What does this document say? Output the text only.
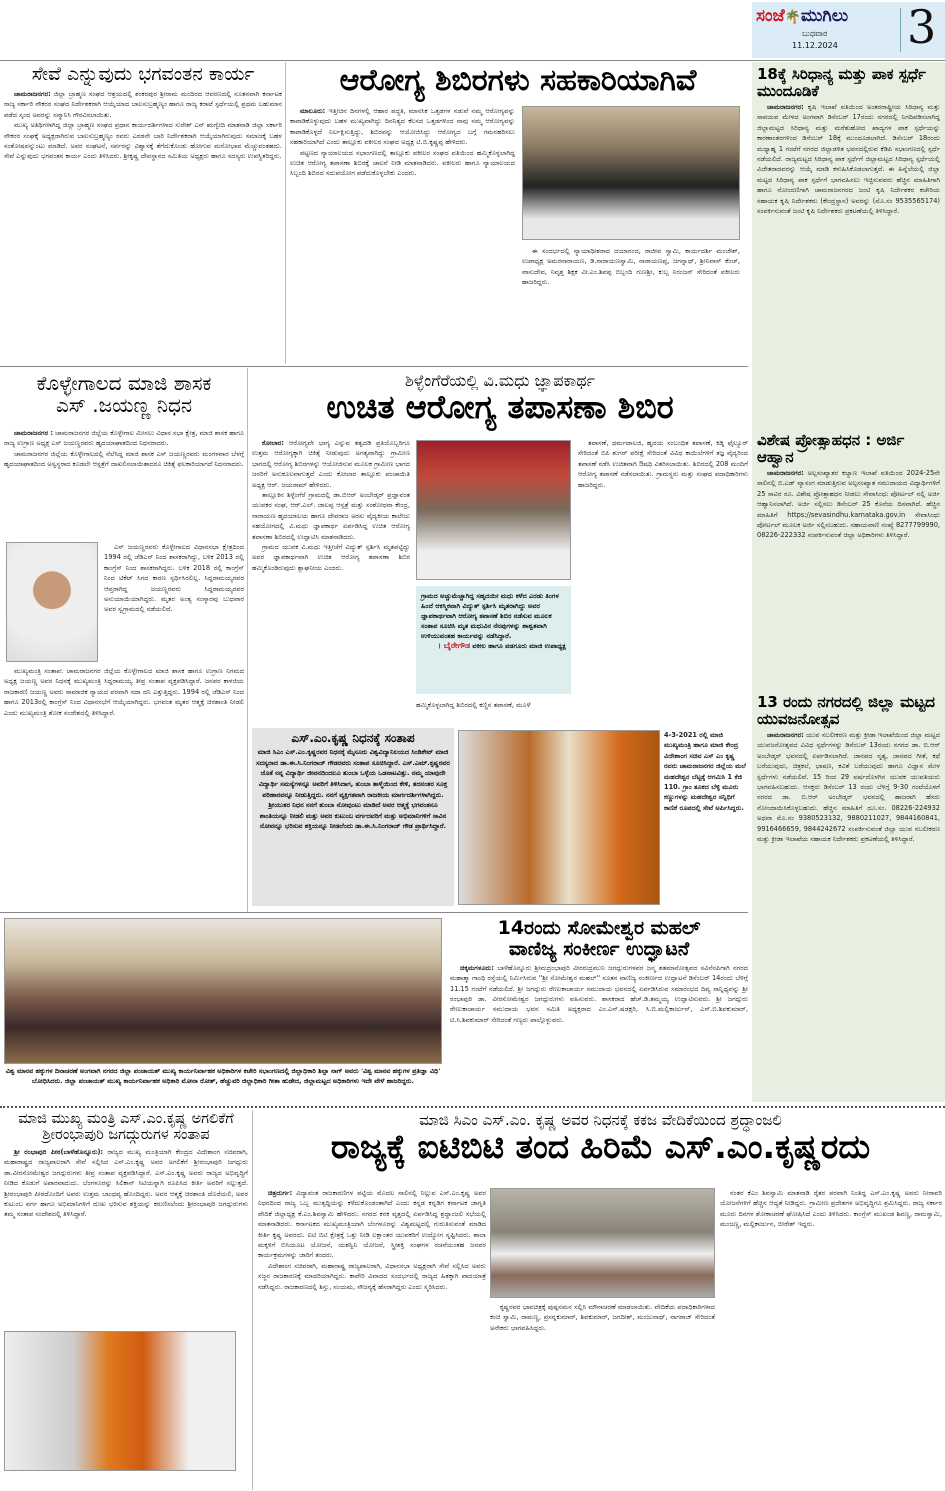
ಸಂಜೆ🌴ಮುಗಿಲು
ಬುಧವಾರ
11.12.2024 3
ಸೇವೆ ಎನ್ನುವುದು ಭಗವಂತನ ಕಾರ್ಯ

ಚಾಮರಾಜನಗರ: ಜಿಲ್ಲಾ ಬ್ರಾಹ್ಮಣ ಸಂಘದ ಆಶ್ರಯದಲ್ಲಿ ಶಂಕರಪುರ ಶ್ರೀರಾಮ ಮಂದಿರದ ಆವರಣದಲ್ಲಿ ನೂತನವಾಗಿ ಕರ್ನಾಟಕ ರಾಜ್ಯ ಸರ್ಕಾರಿ ನೌಕರರ ಸಂಘದ ನಿರ್ದೇಶಕರಾಗಿ ಆಯ್ಕೆಯಾದ ಬಾಲಸುಬ್ರಹ್ಮಣ್ಯಂ ಹಾಗೂ ರಾಜ್ಯ ಕರಾಟೆ ಸ್ಪರ್ಧೆಯಲ್ಲಿ ಪ್ರಥಮ ಬಹುಮಾನ ಪಡೆದ ಸ್ಕಂದ ಅವರನ್ನು ಸನ್ಮಾನಿಸಿ ಗೌರವಿಸಲಾಯಿತು.

ಮುಖ್ಯ ಅತಿಥಿಗಳಾಗಿದ್ದ ಜಿಲ್ಲಾ ಬ್ರಾಹ್ಮಣ ಸಂಘದ ಪ್ರಧಾನ ಕಾರ್ಯದರ್ಶಿಗಳಾದ ಸುರೇಶ್ ಎನ್ ಋಗ್ವೇದಿ ಮಾತನಾಡಿ ಜಿಲ್ಲಾ ಸರ್ಕಾರಿ ನೌಕರರ ಸಂಘಕ್ಕೆ ಅಧ್ಯಕ್ಷರಾಗಿರುವ ಬಾಲಸುಬ್ರಹ್ಮಣ್ಯಂ ರವರು ಎರಡನೇ ಬಾರಿ ನಿರ್ದೇಶಕರಾಗಿ ಆಯ್ಕೆಯಾಗಿರುವುದು ಸಮಾಜಕ್ಕೆ ಬಹಳ ಸಂತೋಷವನ್ನುಂಟು ಮಾಡಿದೆ. ಅವರ ಸಂಘಟನೆ, ಸರ್ವರನ್ನು ವಿಶ್ವಾಸಕ್ಕೆ ತೆಗೆದುಕೊಂಡು ಹೋಗುವ ಮನೋಭಾವ ಮೆಚ್ಚುವಂತಹದು. ಸೇವೆ ಎನ್ನುವುದು ಭಗವಂತನ ಕಾರ್ಯ ಎಂದು ತಿಳಿಸಿದರು. ಶ್ರೀಕೃಷ್ಣ ದೇವಸ್ಥಾನದ ಸಮಿತಿಯ ಅಧ್ಯಕ್ಷರು ಹಾಗೂ ಸದಸ್ಯರು ಉಪಸ್ಥಿತರಿದ್ದರು.

ಆರೋಗ್ಯ ಶಿಬಿರಗಳು ಸಹಕಾರಿಯಾಗಿವೆ

ಮಾಲೂರು: ಇತ್ತೀಚಿನ ದಿನಗಳಲ್ಲಿ ಆಹಾರ ಪದ್ಧತಿ, ಮಾನಸಿಕ ಒತ್ತಡಗಳ ನಡುವೆ ನಮ್ಮ ಆರೋಗ್ಯವನ್ನು ಕಾಪಾಡಿಕೊಳ್ಳುವುದು ಬಹಳ ಮುಖ್ಯವಾಗಿದ್ದು ದಿನನಿತ್ಯದ ಕೆಲಸದ ಒತ್ತಡಗಳಿಂದ ನಾವು ನಮ್ಮ ಆರೋಗ್ಯವನ್ನು ಕಾಪಾಡಿಕೊಳ್ಳದೆ ನಿರ್ಲಕ್ಷಿಸುತ್ತಿದ್ದು, ಶಿಬಿರವನ್ನು ಆಯೋಜಿಸಿದ್ದು ಆರೋಗ್ಯದ ಬಗ್ಗೆ ಗಮನಹರಿಸಲು ಸಹಕಾರಿಯಾಗಿದೆ ಎಂದು ತಾಲ್ಲೂಕು ವಕೀಲರ ಸಂಘದ ಅಧ್ಯಕ್ಷ ಟಿ.ಬಿ.ಕೃಷ್ಣಪ್ಪ ಹೇಳಿದರು.

ಪಟ್ಟಣದ ನ್ಯಾಯಾಲಯದ ಸಭಾಂಗಣದಲ್ಲಿ ತಾಲ್ಲೂಕು ವಕೀಲರ ಸಂಘದ ವತಿಯಿಂದ ಹಮ್ಮಿಕೊಳ್ಳಲಾಗಿದ್ದ ಉಚಿತ ಆರೋಗ್ಯ ತಪಾಸಣಾ ಶಿಬಿರಕ್ಕೆ ಚಾಲನೆ ನೀಡಿ ಮಾತನಾಡಿದರು. ವಕೀಲರು ಹಾಗೂ ನ್ಯಾಯಾಲಯದ ಸಿಬ್ಬಂದಿ ಶಿಬಿರದ ಸದುಪಯೋಗ ಪಡೆದುಕೊಳ್ಳಬೇಕು ಎಂದರು.

ಈ ಸಂದರ್ಭದಲ್ಲಿ ನ್ಯಾಯಾಧೀಶರಾದ ದಯಾನಂದ, ರಾಜೀವ ಸ್ವಾಮಿ, ಕಾರ್ಯದರ್ಶಿ ಮಂಜೇಶ್, ಉಪಾಧ್ಯಕ್ಷ ಅಮರನಾರಾಯಣ, ಡಿ.ನಾರಾಯಣಸ್ವಾಮಿ, ನಾರಾಯಣಪ್ಪ, ಜಗನ್ನಾಥ್, ಶ್ರೀನಿವಾಸ್ ಕೆಂಚ್, ವಾಸುದೇವ, ನಿವೃತ್ತ ಶಿಕ್ಷಕ ವೀ.ಎಂ.ಶಿವಪ್ಪ ಬಿಬ್ಬಂದಿ ಗುಣಶ್ರೀ, ಕುಬ್ಬ ನಿರಂಜನ್ ಸೇರಿದಂತೆ ವಕೀಲರು ಹಾಜರಿದ್ದರು.

18ಕ್ಕೆ ಸಿರಿಧಾನ್ಯ ಮತ್ತು ಪಾಕ ಸ್ಪರ್ಧೆ ಮುಂದೂಡಿಕೆ

ಚಾಮರಾಜನಗರ: ಕೃಷಿ ಇಲಾಖೆ ವತಿಯಿಂದ ಅಂತರರಾಷ್ಟ್ರೀಯ ಸಿರಿಧಾನ್ಯ ಮತ್ತು ಸಾವಯವ ಮೇಳದ ಅಂಗವಾಗಿ ಡಿಸೆಂಬರ್ 17ರಂದು ನಗರದಲ್ಲಿ ನಿಗದಿಪಡಿಸಲಾಗಿದ್ದ ಜಿಲ್ಲಾಮಟ್ಟದ ಸಿರಿಧಾನ್ಯ ಮತ್ತು ಮರೆತುಹೋದ ಖಾದ್ಯಗಳ ಪಾಕ ಸ್ಪರ್ಧೆಯನ್ನು ಕಾರಣಾಂತರಗಳಿಂದ ಡಿಸೆಂಬರ್ 18ಕ್ಕೆ ಮುಂದೂಡಲಾಗಿದೆ. ಡಿಸೆಂಬರ್ 18ರಂದು ಮಧ್ಯಾಹ್ನ 1 ಗಂಟೆಗೆ ನಗರದ ಜಿಲ್ಲಾಡಳಿತ ಭವನದಲ್ಲಿರುವ ಕೆಡಿಪಿ ಸಭಾಂಗಣದಲ್ಲಿ ಸ್ಪರ್ಧೆ ನಡೆಯಲಿದೆ. ರಾಜ್ಯಮಟ್ಟದ ಸಿರಿಧಾನ್ಯ ಪಾಕ ಸ್ಪರ್ಧೆಗೆ ಜಿಲ್ಲಾಮಟ್ಟದ ಸಿರಿಧಾನ್ಯ ಸ್ಪರ್ಧೆಯಲ್ಲಿ ವಿಜೇತರಾದವರನ್ನು ಆಯ್ಕೆ ಮಾಡಿ ಕಳುಹಿಸಿಕೊಡಲಾಗುತ್ತದೆ. ಈ ಹಿನ್ನೆಲೆಯಲ್ಲಿ ಜಿಲ್ಲಾ ಮಟ್ಟದ ಸಿರಿಧಾನ್ಯ ಪಾಕ ಸ್ಪರ್ಧೆಗೆ ಭಾಗವಹಿಸಲು ಇಚ್ಛಿಸುವವರು ಹೆಚ್ಚಿನ ಮಾಹಿತಿಗಾಗಿ ಹಾಗೂ ನೋಂದಣಿಗಾಗಿ ಚಾಮರಾಜನಗರದ ಜಂಟಿ ಕೃಷಿ ನಿರ್ದೇಶಕರ ಕಚೇರಿಯ ಸಹಾಯಕ ಕೃಷಿ ನಿರ್ದೇಶಕರು (ಕೇಂದ್ರಸ್ಥಾನ) ಅವರನ್ನು (ಮೊ.ಸಂ 9535565174) ಸಂಪರ್ಕಿಸುವಂತೆ ಜಂಟಿ ಕೃಷಿ ನಿರ್ದೇಶಕರು ಪ್ರಕಟಣೆಯಲ್ಲಿ ತಿಳಿಸಿದ್ದಾರೆ.

ವಿಶೇಷ ಪ್ರೋತ್ಸಾಹಧನ : ಅರ್ಜಿ ಆಹ್ವಾನ

ಚಾಮರಾಜನಗರ: ಅಲ್ಪಸಂಖ್ಯಾತರ ಕಲ್ಯಾಣ ಇಲಾಖೆ ವತಿಯಿಂದ 2024-25ನೇ ಸಾಲಿನಲ್ಲಿ ಬಿ.ಎಡ್ ವ್ಯಾಸಂಗ ಮಾಡುತ್ತಿರುವ ಅಲ್ಪಸಂಖ್ಯಾತ ಸಮುದಾಯದ ವಿದ್ಯಾರ್ಥಿಗಳಿಗೆ 25 ಸಾವಿರ ರೂ. ವಿಶೇಷ ಪ್ರೋತ್ಸಾಹಧನ ನೀಡಲು ಸೇವಾಸಿಂಧು ಪೋರ್ಟಲ್ ನಲ್ಲಿ ಅರ್ಜಿ ಆಹ್ವಾನಿಸಲಾಗಿದೆ. ಅರ್ಜಿ ಸಲ್ಲಿಸಲು ಡಿಸೆಂಬರ್ 25 ಕೊನೆಯ ದಿನವಾಗಿದೆ. ಹೆಚ್ಚಿನ ಮಾಹಿತಿಗೆ https://sevasindhu.karnataka.gov.in ಸೇವಾಸಿಂಧು ಪೋರ್ಟಲ್ ಮೂಲಕ ಅರ್ಜಿ ಸಲ್ಲಿಸಬಹುದು. ಸಹಾಯವಾಣಿ ಸಂಖ್ಯೆ 8277799990, 08226-222332 ಸಂಪರ್ಕಿಸುವಂತೆ ಜಿಲ್ಲಾ ಅಧಿಕಾರಿಗಳು ತಿಳಿಸಿದ್ದಾರೆ.

13 ರಂದು ನಗರದಲ್ಲಿ ಜಿಲ್ಲಾ ಮಟ್ಟದ ಯುವಜನೋತ್ಸವ

ಚಾಮರಾಜನಗರ: ಯುವ ಸಬಲೀಕರಣ ಮತ್ತು ಕ್ರೀಡಾ ಇಲಾಖೆಯಿಂದ ಜಿಲ್ಲಾ ಮಟ್ಟದ ಯುವಜನೋತ್ಸವದ ವಿವಿಧ ಸ್ಪರ್ಧೆಗಳನ್ನು ಡಿಸೆಂಬರ್ 13ರಂದು ನಗರದ ಡಾ. ಬಿ.ಆರ್ ಅಂಬೇಡ್ಕರ್ ಭವನದಲ್ಲಿ ಏರ್ಪಡಿಸಲಾಗಿದೆ. ಜಾನಪದ ನೃತ್ಯ, ಜಾನಪದ ಗೀತೆ, ಕಥೆ ಬರೆಯುವುದು, ಚಿತ್ರಕಲೆ, ಭಾಷಣ, ಕವಿತೆ ಬರೆಯುವುದು ಹಾಗೂ ವಿಜ್ಞಾನ ಮೇಳ ಸ್ಪರ್ಧೆಗಳು ನಡೆಯಲಿವೆ. 15 ರಿಂದ 29 ವರ್ಷದೊಳಗಿನ ಯುವಕ ಯುವತಿಯರು ಭಾಗವಹಿಸಬಹುದು. ಆಸಕ್ತರು ಡಿಸೆಂಬರ್ 13 ರಂದು ಬೆಳಿಗ್ಗೆ 9-30 ಗಂಟೆಯೊಳಗೆ ನಗರದ ಡಾ. ಬಿ.ಆರ್ ಅಂಬೇಡ್ಕರ್ ಭವನದಲ್ಲಿ ಹಾಜರಾಗಿ ಹೆಸರು ನೋಂದಾಯಿಸಿಕೊಳ್ಳಬಹುದು. ಹೆಚ್ಚಿನ ಮಾಹಿತಿಗೆ ದೂ.ಸಂ. 08226-224932 ಅಥವಾ ಮೊ.ಸಂ 9380523132, 9880211027, 9844160841, 9916466659, 9844242672 ಸಂಪರ್ಕಿಸುವಂತೆ ಜಿಲ್ಲಾ ಯುವ ಸಬಲೀಕರಣ ಮತ್ತು ಕ್ರೀಡಾ ಇಲಾಖೆಯ ಸಹಾಯಕ ನಿರ್ದೇಶಕರು ಪ್ರಕಟಣೆಯಲ್ಲಿ ತಿಳಿಸಿದ್ದಾರೆ.

ಕೊಳ್ಳೇಗಾಲದ ಮಾಜಿ ಶಾಸಕ ಎಸ್ .ಜಯಣ್ಣ ನಿಧನ

ಚಾಮರಾಜನಗರ : ಚಾಮರಾಜನಗರ ಜಿಲ್ಲೆಯ ಕೊಳ್ಳೇಗಾಲ ಮೀಸಲು ವಿಧಾನ ಸಭಾ ಕ್ಷೇತ್ರ, ಮಾಜಿ ಶಾಸಕ ಹಾಗೂ ರಾಜ್ಯ ಉಗ್ರಾಣ ಅಧ್ಯಕ್ಷ ಎಸ್ ಜಯಣ್ಣರವರು ಹೃದಯಾಘಾತದಿಂದ ನಿಧನರಾದರು.

ಚಾಮರಾಜನಗರ ಜಿಲ್ಲೆಯ ಕೊಳ್ಳೇಗಾಲದಲ್ಲಿ ನೆಲೆಸಿದ್ದ ಮಾಜಿ ಶಾಸಕ ಎಸ್ ಜಯಣ್ಣರವರು ಮಂಗಳವಾರ ಬೆಳಗ್ಗೆ ಹೃದಯಾಘಾತದಿಂದ ಅಸ್ವಸ್ಥರಾದ ಕೂಡಲೇ ಆಸ್ಪತ್ರೆಗೆ ದಾಖಲಿಸಲಾಯಿತಾದರೂ ಚಿಕಿತ್ಸೆ ಫಲಕಾರಿಯಾಗದೆ ನಿಧನರಾದರು.

ಎಸ್ ಜಯಣ್ಣರವರು ಕೊಳ್ಳೇಗಾಲದ ವಿಧಾನಸಭಾ ಕ್ಷೇತ್ರದಿಂದ 1994 ರಲ್ಲಿ ಜೆಡಿಎಸ್ ನಿಂದ ಶಾಸಕರಾಗಿದ್ದು, ಬಳಿಕ 2013 ರಲ್ಲಿ ಕಾಂಗ್ರೆಸ್ ನಿಂದ ಶಾಸಕರಾಗಿದ್ದರು. ಬಳಿಕ 2018 ರಲ್ಲಿ ಕಾಂಗ್ರೆಸ್ ನಿಂದ ಟಿಕೆಟ್ ಸಿಗದ ಕಾರಣ ಸ್ಪರ್ಧಿಸಿರಲಿಲ್ಲ. ಸಿದ್ದರಾಮಯ್ಯರವರ ಆಪ್ತರಾಗಿದ್ದ ಜಯಣ್ಣರವರು ಸಿದ್ದರಾಮಯ್ಯರವರ ಅನುಯಾಯಿಯಾಗಿದ್ದರು. ಮೃತರ ಅಂತ್ಯ ಸಂಸ್ಕಾರವು ಬುಧವಾರ ಅವರ ಸ್ವಗ್ರಾಮದಲ್ಲಿ ನಡೆಯಲಿದೆ.

ಮುಖ್ಯಮಂತ್ರಿ ಸಂತಾಪ: ಚಾಮರಾಜನಗರ ಜಿಲ್ಲೆಯ ಕೊಳ್ಳೇಗಾಲದ ಮಾಜಿ ಶಾಸಕ ಹಾಗೂ ಉಗ್ರಾಣ ನಿಗಮದ ಅಧ್ಯಕ್ಷ ಜಯಣ್ಣ ಅವರ ನಿಧನಕ್ಕೆ ಮುಖ್ಯಮಂತ್ರಿ ಸಿದ್ದರಾಮಯ್ಯ ತೀವ್ರ ಸಂತಾಪ ವ್ಯಕ್ತಪಡಿಸಿದ್ದಾರೆ. ಜನಪರ ಕಾಳಜಿಯ ರಾಜಕಾರಣಿ ಜಯಣ್ಣ ಅವರು ಸಾಮಾಜಿಕ ನ್ಯಾಯದ ಪರವಾಗಿ ಸದಾ ದನಿ ಎತ್ತುತ್ತಿದ್ದರು. 1994 ರಲ್ಲಿ ಜೆಡಿಎಸ್ ನಿಂದ ಹಾಗೂ 2013ರಲ್ಲಿ ಕಾಂಗ್ರೆಸ್ ನಿಂದ ವಿಧಾನಸಭೆಗೆ ಆಯ್ಕೆಯಾಗಿದ್ದರು. ಭಗವಂತ ಮೃತರ ಆತ್ಮಕ್ಕೆ ಚಿರಶಾಂತಿ ನೀಡಲಿ ಎಂದು ಮುಖ್ಯಮಂತ್ರಿ ಶೋಕ ಸಂದೇಶದಲ್ಲಿ ತಿಳಿಸಿದ್ದಾರೆ.

ಶಿಳ್ಳೆಂಗೆರೆಯಲ್ಲಿ ವಿ.ಮಧು ಜ್ಞಾಪಕಾರ್ಥ
ಉಚಿತ ಆರೋಗ್ಯ ತಪಾಸಣಾ ಶಿಬಿರ

ಕೋಲಾರ: ಆರೋಗ್ಯವೇ ಭಾಗ್ಯ ಎನ್ನುವ ತತ್ವದಡಿ ಪ್ರತಿಯೊಬ್ಬರಿಗೂ ಉತ್ತಮ ಆರೋಗ್ಯಕ್ಕಾಗಿ ಚಿಕಿತ್ಸೆ ನೀಡುವುದು ಅಗತ್ಯವಾಗಿದ್ದು ಗ್ರಾಮೀಣ ಭಾಗದಲ್ಲಿ ಆರೋಗ್ಯ ಶಿಬಿರಗಳನ್ನು ಆಯೋಜಿಸುವ ಮೂಲಕ ಗ್ರಾಮೀಣ ಭಾಗದ ಜನರಿಗೆ ಅನುಕೂಲವಾಗುತ್ತದೆ ಎಂದು ಕೋಲಾರ ತಾಲ್ಲೂಕು ಪಂಚಾಯಿತಿ ಅಧ್ಯಕ್ಷ ಆರ್. ಜಯರಾಮ್ ಹೇಳಿದರು.

ತಾಲ್ಲೂಕಿನ ಶಿಳ್ಳೆಂಗೆರೆ ಗ್ರಾಮದಲ್ಲಿ ಡಾ.ಬಿಆರ್ ಅಂಬೇಡ್ಕರ್ ಪ್ರಜ್ಞಾವಂತ ಯುವಕರ ಸಂಘ, ಆರ್.ಎಲ್. ಜಾಲಪ್ಪ ಆಸ್ಪತ್ರೆ ಮತ್ತು ಸಂಶೋಧನಾ ಕೇಂದ್ರ, ನಾರಾಯಣ ಹೃದಯಾಲಯ ಹಾಗೂ ದೇವರಾಜ ಅರಸು ವೈದ್ಯಕೀಯ ಕಾಲೇಜು ಸಹಯೋಗದಲ್ಲಿ ವಿ.ಮಧು ಜ್ಞಾಪಕಾರ್ಥ ಏರ್ಪಡಿಸಿದ್ದ ಉಚಿತ ಆರೋಗ್ಯ ತಪಾಸಣಾ ಶಿಬಿರದಲ್ಲಿ ಉದ್ಘಾಟಿಸಿ ಮಾತನಾಡಿದರು.

ಗ್ರಾಮದ ಯುವಕ ವಿ.ಮಧು ಇತ್ತೀಚೆಗೆ ವಿದ್ಯುತ್ ಸ್ಪರ್ಶಿಸಿ ಮೃತಪಟ್ಟಿದ್ದು ಅವರ ಜ್ಞಾಪಕಾರ್ಥವಾಗಿ ಉಚಿತ ಆರೋಗ್ಯ ತಪಾಸಣಾ ಶಿಬಿರ ಹಮ್ಮಿಕೊಂಡಿರುವುದು ಶ್ಲಾಘನೀಯ ಎಂದರು.

ಗ್ರಾಮದ ಅಚ್ಚುಮೆಚ್ಚಾಗಿದ್ದ ಸಹೃದಯೀ ಮಧು ಕಳೆದ ಎರಡು ತಿಂಗಳ ಹಿಂದೆ ಆಕಸ್ಮಿಕವಾಗಿ ವಿದ್ಯುತ್ ಸ್ಪರ್ಶಿಸಿ ಮೃತರಾಗಿದ್ದು ಅವರ ಜ್ಞಾಪಕಾರ್ಥವಾಗಿ ಆರೋಗ್ಯ ತಪಾಸಣೆ ಶಿಬಿರ ನಡೆಸುವ ಮೂಲಕ ಸಂತಾಪ ಸೂಚಿಸಿ ಮೃತ ಮಧುವಿನ ನೆನಪುಗಳನ್ನು ಶಾಶ್ವತವಾಗಿ ಉಳಿಯುವಂತಹ ಕಾರ್ಯವನ್ನು ನಡೆಸಿದ್ದಾರೆ.
। ಬೈರೇಗೌಡ ವಕೀಲ ಹಾಗೂ ವಡಗೂರು ಮಾಜಿ ಉಪಾಧ್ಯಕ್ಷ
ಹಮ್ಮಿಕೊಳ್ಳಲಾಗಿದ್ದ ಶಿಬಿರದಲ್ಲಿ ಕಣ್ಣಿನ ತಪಾಸಣೆ, ಮೂಳೆ

ತಪಾಸಣೆ, ಥರ್ಮಟಾಲಜಿ, ಹೃದಯ ಸಂಬಂಧಿತ ತಪಾಸಣೆ, ಕಿಡ್ನಿ ಫೈಲ್ಯೂರ್ ಸೇರಿದಂತೆ ಬಿಪಿ ಶುಗರ್ ಪರೀಕ್ಷೆ ಸೇರಿದಂತೆ ವಿವಿಧ ಕಾಯಿಲೆಗಳಿಗೆ ತಜ್ಞ ವೈದ್ಯರಿಂದ ತಪಾಸಣೆ ನಡೆಸಿ ಉಚಿತವಾಗಿ ಔಷಧಿ ವಿತರಿಸಲಾಯಿತು. ಶಿಬಿರದಲ್ಲಿ 208 ಮಂದಿಗೆ ಆರೋಗ್ಯ ತಪಾಸಣೆ ನಡೆಸಲಾಯಿತು. ಗ್ರಾಮಸ್ಥರು ಮತ್ತು ಸಂಘದ ಪದಾಧಿಕಾರಿಗಳು ಹಾಜರಿದ್ದರು.

ಎಸ್.ಎಂ.ಕೃಷ್ಣ ನಿಧನಕ್ಕೆ ಸಂತಾಪ
ಮಾಜಿ ಸಿಎಂ ಎಸ್.ಎಂ.ಕೃಷ್ಣರವರ ನಿಧನಕ್ಕೆ ಮೈಸೂರು ವಿಶ್ವವಿದ್ಯಾನಿಲಯದ ಸಿಂಡಿಕೇಟ್ ಮಾಜಿ ಸದಸ್ಯರಾದ ಡಾ.ಈ.ಸಿ.ನಿಂಗರಾಜ್ ಗೌಡರವರು ಸಂತಾಪ ಸೂಚಿಸಿದ್ದಾರೆ. ಎಸ್.ಎಮ್.ಕೃಷ್ಣರವರ ಜೊತೆ ನನ್ನ ವಿದ್ಯಾರ್ಥಿ ಜೀವನದಿಂದಲೂ ತುಂಬಾ ಒಳ್ಳೆಯ ಒಡನಾಟವಿತ್ತು. ನಮ್ಮ ಯಾವುದೇ ವಿದ್ಯಾರ್ಥಿ ಸಮಸ್ಯೆಗಳನ್ನೂ ಅವರಿಗೆ ತಿಳಿಸಿದಾಗ, ತುಂಬಾ ತಾಳ್ಮೆಯಿಂದ ಕೇಳಿ, ತದನಂತರ ಸೂಕ್ತ ಪರಿಹಾರವನ್ನೂ ನೀಡುತ್ತಿದ್ದರು. ನನಗೆ ವ್ಯಕ್ತಿಗತವಾಗಿ ರಾಜಕೀಯ ಮಾರ್ಗದರ್ಶಿಗಳಾಗಿದ್ದರು. ಶ್ರೀಯುತರ ನಿಧನ ನನಗೆ ತುಂಬಾ ನೋವುಂಟು ಮಾಡಿದೆ ಅವರ ಆತ್ಮಕ್ಕೆ ಭಗವಂತನೂ ಶಾಂತಿಯನ್ನೂ ನೀಡಲಿ ಮತ್ತು ಅವರ ಕುಟುಂಬ ವರ್ಗದವರಿಗೆ ಮತ್ತು ಅಭಿಮಾನಿಗಳಿಗೆ ಸಾವಿನ ನೋವನ್ನೂ ಭರಿಸುವ ಶಕ್ತಿಯನ್ನೂ ನೀಡಲೆಂದು ಡಾ.ಈ.ಸಿ.ನಿಂಗರಾಜ್ ಗೌಡ ಪ್ರಾರ್ಥಿಸಿದ್ದಾರೆ.
4-3-2021 ರಲ್ಲಿ ಮಾಜಿ ಮುಖ್ಯಮಂತ್ರಿ ಹಾಗೂ ಮಾಜಿ ಕೇಂದ್ರ ವಿದೇಶಾಂಗ ಸಚಿವ ಎಸ್ ಎಂ ಕೃಷ್ಣ ರವರು ಚಾಮರಾಜನಗರ ಜಿಲ್ಲೆಯ ಮಲೆ ಮಹದೇಶ್ವರ ಬೆಟ್ಟಕ್ಕೆ ಆಗಮಿಸಿ 1 ಕೆಜಿ 110. ಗ್ರಾಂ ತೂಕದ ಬೆಳ್ಳಿ ಮೂರು ಕಣ್ಣುಗಳನ್ನು ಮಹದೇಶ್ವರ ಸನ್ನಿಧಿಗೆ ಕಾಣಿಕೆ ರೂಪದಲ್ಲಿ ಸೇವೆ ಅರ್ಪಿಸಿದ್ದರು.
ವಿಶ್ವ ಮಾನವ ಹಕ್ಕುಗಳ ದಿನಾಚರಣೆ ಅಂಗವಾಗಿ ನಗರದ ಜಿಲ್ಲಾ ಪಂಚಾಯತ್ ಮುಖ್ಯ ಕಾರ್ಯನಿರ್ವಾಹಕ ಅಧಿಕಾರಿಗಳ ಕಚೇರಿ ಸಭಾಂಗಣದಲ್ಲಿ ಜಿಲ್ಲಾಧಿಕಾರಿ ಶಿಲ್ಪಾ ನಾಗ್ ಅವರು 'ವಿಶ್ವ ಮಾನವ ಹಕ್ಕುಗಳ ಪ್ರತಿಜ್ಞಾ ವಿಧಿ' ಬೋಧಿಸಿದರು. ಜಿಲ್ಲಾ ಪಂಚಾಯತ್ ಮುಖ್ಯ ಕಾರ್ಯನಿರ್ವಾಹಕ ಅಧಿಕಾರಿ ಮೋನಾ ರೋತ್, ಹೆಚ್ಚುವರಿ ಜಿಲ್ಲಾಧಿಕಾರಿ ಗೀತಾ ಹುಡೇದ, ಜಿಲ್ಲಾಮಟ್ಟದ ಅಧಿಕಾರಿಗಳು ಇದೇ ವೇಳೆ ಹಾಜರಿದ್ದರು.
14ರಂದು ಸೋಮೇಶ್ವರ ಮಹಲ್ ವಾಣಿಜ್ಯ ಸಂಕೀರ್ಣ ಉದ್ಘಾಟನೆ

ಚಿಕ್ಕಮಗಳೂರು: ಬಾಳೆಹೊನ್ನೂರು ಶ್ರೀಮದ್ರಂಭಾಪುರಿ ವೀರರುದ್ರಮುನಿ ಜಗದ್ಗುರುಗಳವರ ಜನ್ಮ ಶತಮಾನೋತ್ಸವದ ಸವಿನೆನಪಿಗಾಗಿ ನಗರದ ಮಹಾತ್ಮಾ ಗಾಂಧಿ ರಸ್ತೆಯಲ್ಲಿ ನಿರ್ಮಿಸಿರುವ ''ಶ್ರೀ ಸೋಮೇಶ್ವರ ಮಹಲ್'' ನೂತನ ವಾಣಿಜ್ಯ ಸಂಕೀರ್ಣದ ಉದ್ಘಾಟನೆ ಡಿಸೆಂಬರ್ 14ರಂದು ಬೆಳಿಗ್ಗೆ 11.15 ಗಂಟೆಗೆ ನಡೆಯಲಿದೆ. ಶ್ರೀ ಜಗದ್ಗುರು ರೇಣುಕಾಚಾರ್ಯ ಸಮುದಾಯ ಭವನದಲ್ಲಿ ಏರ್ಪಡಿಸಿರುವ ಸಮಾರಂಭದ ದಿವ್ಯ ಸಾನ್ನಿಧ್ಯವನ್ನು ಶ್ರೀ ರಂಭಾಪುರಿ ಡಾ. ವೀರಸೋಮೇಶ್ವರ ಜಗದ್ಗುರುಗಳು ವಹಿಸುವರು. ಶಾಸಕರಾದ ಹೆಚ್.ಡಿ.ತಮ್ಮಯ್ಯ ಉದ್ಘಾಟಿಸುವರು. ಶ್ರೀ ಜಗದ್ಗುರು ರೇಣುಕಾಚಾರ್ಯ ಸಮುದಾಯ ಭವನ ಸಮಿತಿ ಅಧ್ಯಕ್ಷರಾದ ಎಂ.ಎನ್.ಷಡಕ್ಷರಿ, ಸಿ.ಬಿ.ಮಲ್ಲಿಕಾರ್ಜುನ್, ಎಸ್.ಬಿ.ಶಿವಕುಮಾರ್, ಟಿ.ಸಿ.ಶಿವಕುಮಾರ್ ಸೇರಿದಂತೆ ಗಣ್ಯರು ಪಾಲ್ಗೊಳ್ಳುವರು.

ಮಾಜಿ ಮುಖ್ಯ ಮಂತ್ರಿ ಎಸ್.ಎಂ.ಕೃಷ್ಣ ಅಗಲಿಕೆಗೆ ಶ್ರೀರಂಭಾಪುರಿ ಜಗದ್ಗುರುಗಳ ಸಂತಾಪ

ಶ್ರೀ ರಂಭಾಪುರಿ ಪೀಠ(ಬಾಳೆಹೊನ್ನೂರು): ರಾಜ್ಯದ ಮುಖ್ಯ ಮಂತ್ರಿಯಾಗಿ ಕೇಂದ್ರದ ವಿದೇಶಾಂಗ ಸಚಿವರಾಗಿ, ಮಹಾರಾಷ್ಟ್ರದ ರಾಜ್ಯಪಾಲರಾಗಿ ಸೇವೆ ಸಲ್ಲಿಸಿದ ಎಸ್.ಎಂ.ಕೃಷ್ಣ ಅವರ ಅಗಲಿಕೆಗೆ ಶ್ರೀರಂಭಾಪುರಿ ಜಗದ್ಗುರು ಡಾ.ವೀರಸೋಮೇಶ್ವರ ಜಗದ್ಗುರುಗಳು ತೀವ್ರ ಸಂತಾಪ ವ್ಯಕ್ತಪಡಿಸಿದ್ದಾರೆ. ಎಸ್.ಎಂ.ಕೃಷ್ಣ ಅವರು ರಾಜ್ಯದ ಅಭಿವೃದ್ಧಿಗೆ ನೀಡಿದ ಕೊಡುಗೆ ಅಪಾರವಾದುದು. ಬೆಂಗಳೂರನ್ನು ಸಿಲಿಕಾನ್ ಸಿಟಿಯನ್ನಾಗಿ ರೂಪಿಸಿದ ಕೀರ್ತಿ ಅವರಿಗೆ ಸಲ್ಲುತ್ತದೆ. ಶ್ರೀರಂಭಾಪುರಿ ಪೀಠದೊಂದಿಗೆ ಅವರು ಉತ್ತಮ ಬಾಂಧವ್ಯ ಹೊಂದಿದ್ದರು. ಅವರ ಆತ್ಮಕ್ಕೆ ಚಿರಶಾಂತಿ ದೊರೆಯಲಿ, ಅವರ ಕುಟುಂಬ ವರ್ಗ ಹಾಗೂ ಅಭಿಮಾನಿಗಳಿಗೆ ದುಃಖ ಭರಿಸುವ ಶಕ್ತಿಯನ್ನು ಕರುಣಿಸಲೆಂದು ಶ್ರೀರಂಭಾಪುರಿ ಜಗದ್ಗುರುಗಳು ತಮ್ಮ ಸಂತಾಪ ಸಂದೇಶದಲ್ಲಿ ತಿಳಿಸಿದ್ದಾರೆ.

ಮಾಜಿ ಸಿಎಂ ಎಸ್.ಎಂ. ಕೃಷ್ಣ ಅವರ ನಿಧನಕ್ಕೆ ಕಕಜ ವೇದಿಕೆಯಿಂದ ಶ್ರದ್ಧಾಂಜಲಿ
ರಾಜ್ಯಕ್ಕೆ ಐಟಿಬಿಟಿ ತಂದ ಹಿರಿಮೆ ಎಸ್.ಎಂ.ಕೃಷ್ಣರದು

ಚಿತ್ರದುರ್ಗ: ವಿದ್ಯಾವಂತ ರಾಜಕಾರಣಿಗಳ ಪಟ್ಟಿಯ ಮೊದಲ ಸಾಲಿನಲ್ಲಿ ನಿಲ್ಲುವ ಎಸ್.ಎಂ.ಕೃಷ್ಣ ಅವರ ನಿಧನದಿಂದ ರಾಜ್ಯ ಒಬ್ಬ ಮುತ್ಸದ್ದಿಯನ್ನು ಕಳೆದುಕೊಂಡಂತಾಗಿದೆ ಎಂದು ಕನ್ನಡ ಕನ್ನಡಿಗ ಕರ್ನಾಟಕ ಜಾಗೃತಿ ವೇದಿಕೆ ಜಿಲ್ಲಾಧ್ಯಕ್ಷ ಕೆ.ಎಂ.ಶಿವಸ್ವಾಮಿ ಹೇಳಿದರು. ನಗರದ ಕನಕ ವೃತ್ತದಲ್ಲಿ ಏರ್ಪಡಿಸಿದ್ದ ಶ್ರದ್ಧಾಂಜಲಿ ಸಭೆಯಲ್ಲಿ ಮಾತನಾಡಿದರು. ಕರ್ನಾಟಕದ ಮುಖ್ಯಮಂತ್ರಿಯಾಗಿ ಬೆಂಗಳೂರನ್ನು ವಿಶ್ವಮಟ್ಟದಲ್ಲಿ ಗುರುತಿಸುವಂತೆ ಮಾಡಿದ ಕೀರ್ತಿ ಕೃಷ್ಣ ಅವರದು. ಐಟಿ ಬಿಟಿ ಕ್ಷೇತ್ರಕ್ಕೆ ಒತ್ತು ನೀಡಿ ಲಕ್ಷಾಂತರ ಯುವಕರಿಗೆ ಉದ್ಯೋಗ ಸೃಷ್ಟಿಸಿದರು. ಶಾಲಾ ಮಕ್ಕಳಿಗೆ ಬಿಸಿಯೂಟ ಯೋಜನೆ, ಯಶಸ್ವಿನಿ ಯೋಜನೆ, ಸ್ತ್ರೀಶಕ್ತಿ ಸಂಘಗಳ ರಚನೆಯಂತಹ ಜನಪರ ಕಾರ್ಯಕ್ರಮಗಳನ್ನು ಜಾರಿಗೆ ತಂದರು.

ವಿದೇಶಾಂಗ ಸಚಿವರಾಗಿ, ಮಹಾರಾಷ್ಟ್ರ ರಾಜ್ಯಪಾಲರಾಗಿ, ವಿಧಾನಸಭಾ ಅಧ್ಯಕ್ಷರಾಗಿ ಸೇವೆ ಸಲ್ಲಿಸಿದ ಅವರು ಸಜ್ಜನ ರಾಜಕಾರಣಕ್ಕೆ ಮಾದರಿಯಾಗಿದ್ದರು. ಕಾವೇರಿ ವಿವಾದದ ಸಂದರ್ಭದಲ್ಲಿ ರಾಜ್ಯದ ಹಿತಕ್ಕಾಗಿ ಪಾದಯಾತ್ರೆ ನಡೆಸಿದ್ದರು. ರಾಜಕಾರಣದಲ್ಲಿ ಶಿಸ್ತು, ಸಂಯಮ, ಸೌಜನ್ಯಕ್ಕೆ ಹೆಸರಾಗಿದ್ದರು ಎಂದು ಸ್ಮರಿಸಿದರು.

ಕೃಷ್ಣರವರ ಭಾವಚಿತ್ರಕ್ಕೆ ಪುಷ್ಪನಮನ ಸಲ್ಲಿಸಿ ಮೌನಾಚರಣೆ ಮಾಡಲಾಯಿತು. ವೇದಿಕೆಯ ಪದಾಧಿಕಾರಿಗಳಾದ ಕಂಚಿ ಸ್ವಾಮಿ, ರಾಮಣ್ಣ, ಪ್ರಸನ್ನಕುಮಾರ್, ಶಿವಕುಮಾರ್, ಜಗದೀಶ್, ಮಂಜುನಾಥ್, ನಾಗರಾಜ್ ಸೇರಿದಂತೆ ಅನೇಕರು ಭಾಗವಹಿಸಿದ್ದರು.

ನಂತರ ಕೆಎಂ ಶಿವಸ್ವಾಮಿ ಮಾತನಾಡಿ ರೈತರ ಪರವಾಗಿ ನಿಂತಿದ್ದ ಎಸ್.ಎಂ.ಕೃಷ್ಣ ಅವರು ನೀರಾವರಿ ಯೋಜನೆಗಳಿಗೆ ಹೆಚ್ಚಿನ ಆದ್ಯತೆ ನೀಡಿದ್ದರು. ಗ್ರಾಮೀಣ ಪ್ರದೇಶಗಳ ಅಭಿವೃದ್ಧಿಗೂ ಶ್ರಮಿಸಿದ್ದರು. ರಾಜ್ಯ ಸರ್ಕಾರ ಮೂರು ದಿನಗಳ ಶೋಕಾಚರಣೆ ಘೋಷಿಸಿದೆ ಎಂದು ತಿಳಿಸಿದರು. ಕಾಂಗ್ರೆಸ್ ಮುಖಂಡ ಶಿವಣ್ಣ, ರಾಮಸ್ವಾಮಿ, ಮಂಜಣ್ಣ, ಮಲ್ಲಿಕಾರ್ಜುನ, ಬೀರೇಶ್ ಇದ್ದರು.
